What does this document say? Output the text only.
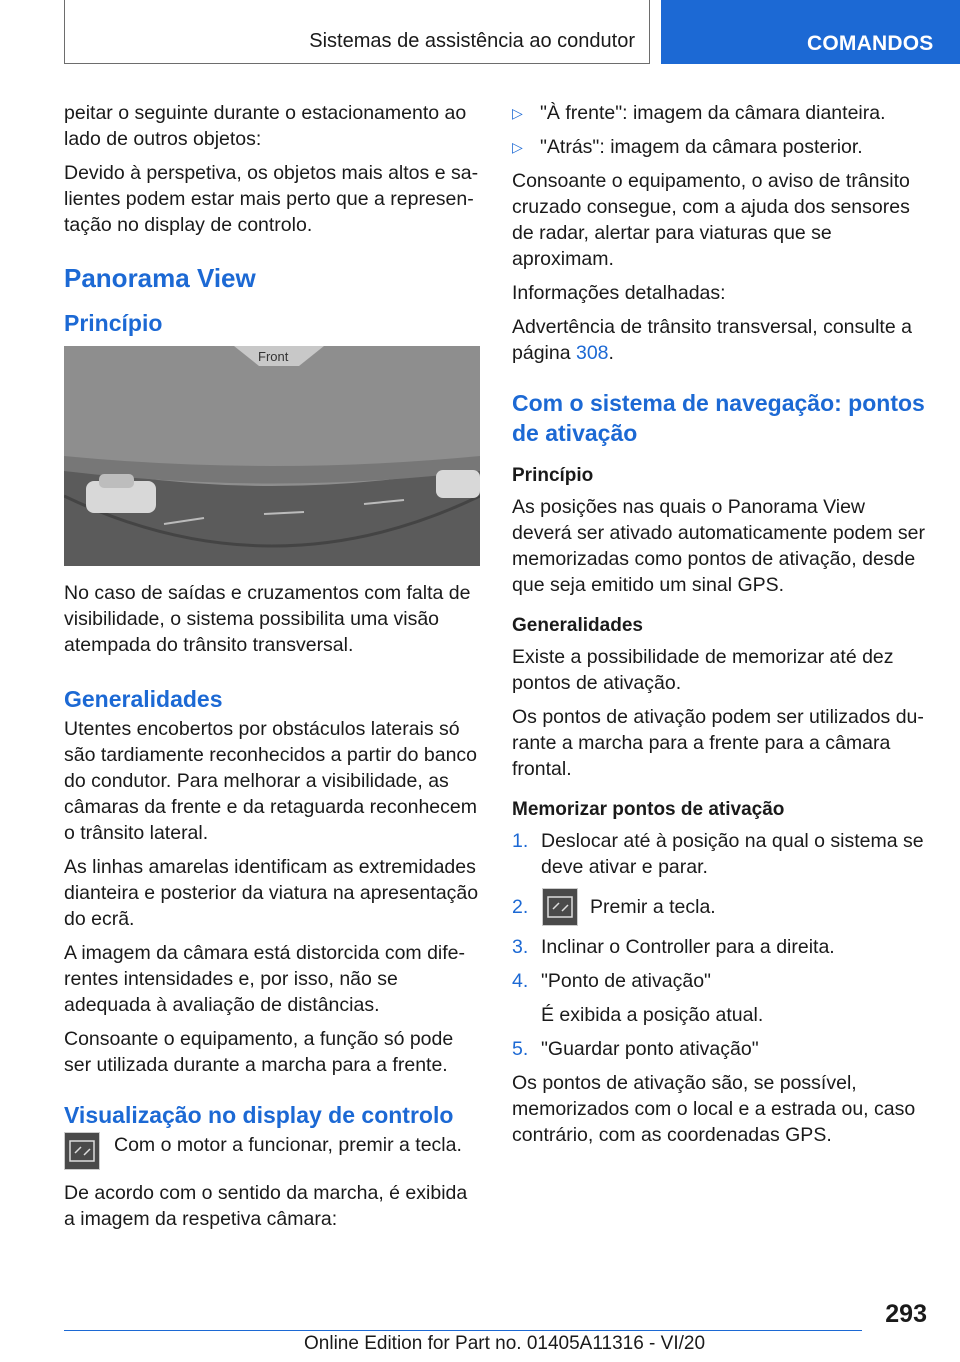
Sistemas de assistência ao condutor	COMANDOS

peitar o seguinte durante o estacionamento ao lado de outros objetos:

Devido à perspetiva, os objetos mais altos e salientes podem estar mais perto que a representação no display de controlo.

Panorama View
Princípio
Front

No caso de saídas e cruzamentos com falta de visibilidade, o sistema possibilita uma visão atempada do trânsito transversal.

Generalidades

Utentes encobertos por obstáculos laterais só são tardiamente reconhecidos a partir do banco do condutor. Para melhorar a visibilidade, as câmaras da frente e da retaguarda reconhecem o trânsito lateral.

As linhas amarelas identificam as extremidades dianteira e posterior da viatura na apresentação do ecrã.

A imagem da câmara está distorcida com diferentes intensidades e, por isso, não se adequada à avaliação de distâncias.

Consoante o equipamento, a função só pode ser utilizada durante a marcha para a frente.

Visualização no display de controlo

Com o motor a funcionar, premir a tecla.

De acordo com o sentido da marcha, é exibida a imagem da respetiva câmara:

▷ "À frente": imagem da câmara dianteira.
▷ "Atrás": imagem da câmara posterior.

Consoante o equipamento, o aviso de trânsito cruzado consegue, com a ajuda dos sensores de radar, alertar para viaturas que se aproximam.

Informações detalhadas:

Advertência de trânsito transversal, consulte a página 308.

Com o sistema de navegação: pontos de ativação
Princípio

As posições nas quais o Panorama View deverá ser ativado automaticamente podem ser memorizadas como pontos de ativação, desde que seja emitido um sinal GPS.

Generalidades

Existe a possibilidade de memorizar até dez pontos de ativação.

Os pontos de ativação podem ser utilizados durante a marcha para a frente para a câmara frontal.

Memorizar pontos de ativação
1. Deslocar até à posição na qual o sistema se deve ativar e parar.
2.	Premir a tecla.
3. Inclinar o Controller para a direita.
4. "Ponto de ativação"

É exibida a posição atual.

5. "Guardar ponto ativação"

Os pontos de ativação são, se possível, memorizados com o local e a estrada ou, caso contrário, com as coordenadas GPS.

293
Online Edition for Part no. 01405A11316 - VI/20
